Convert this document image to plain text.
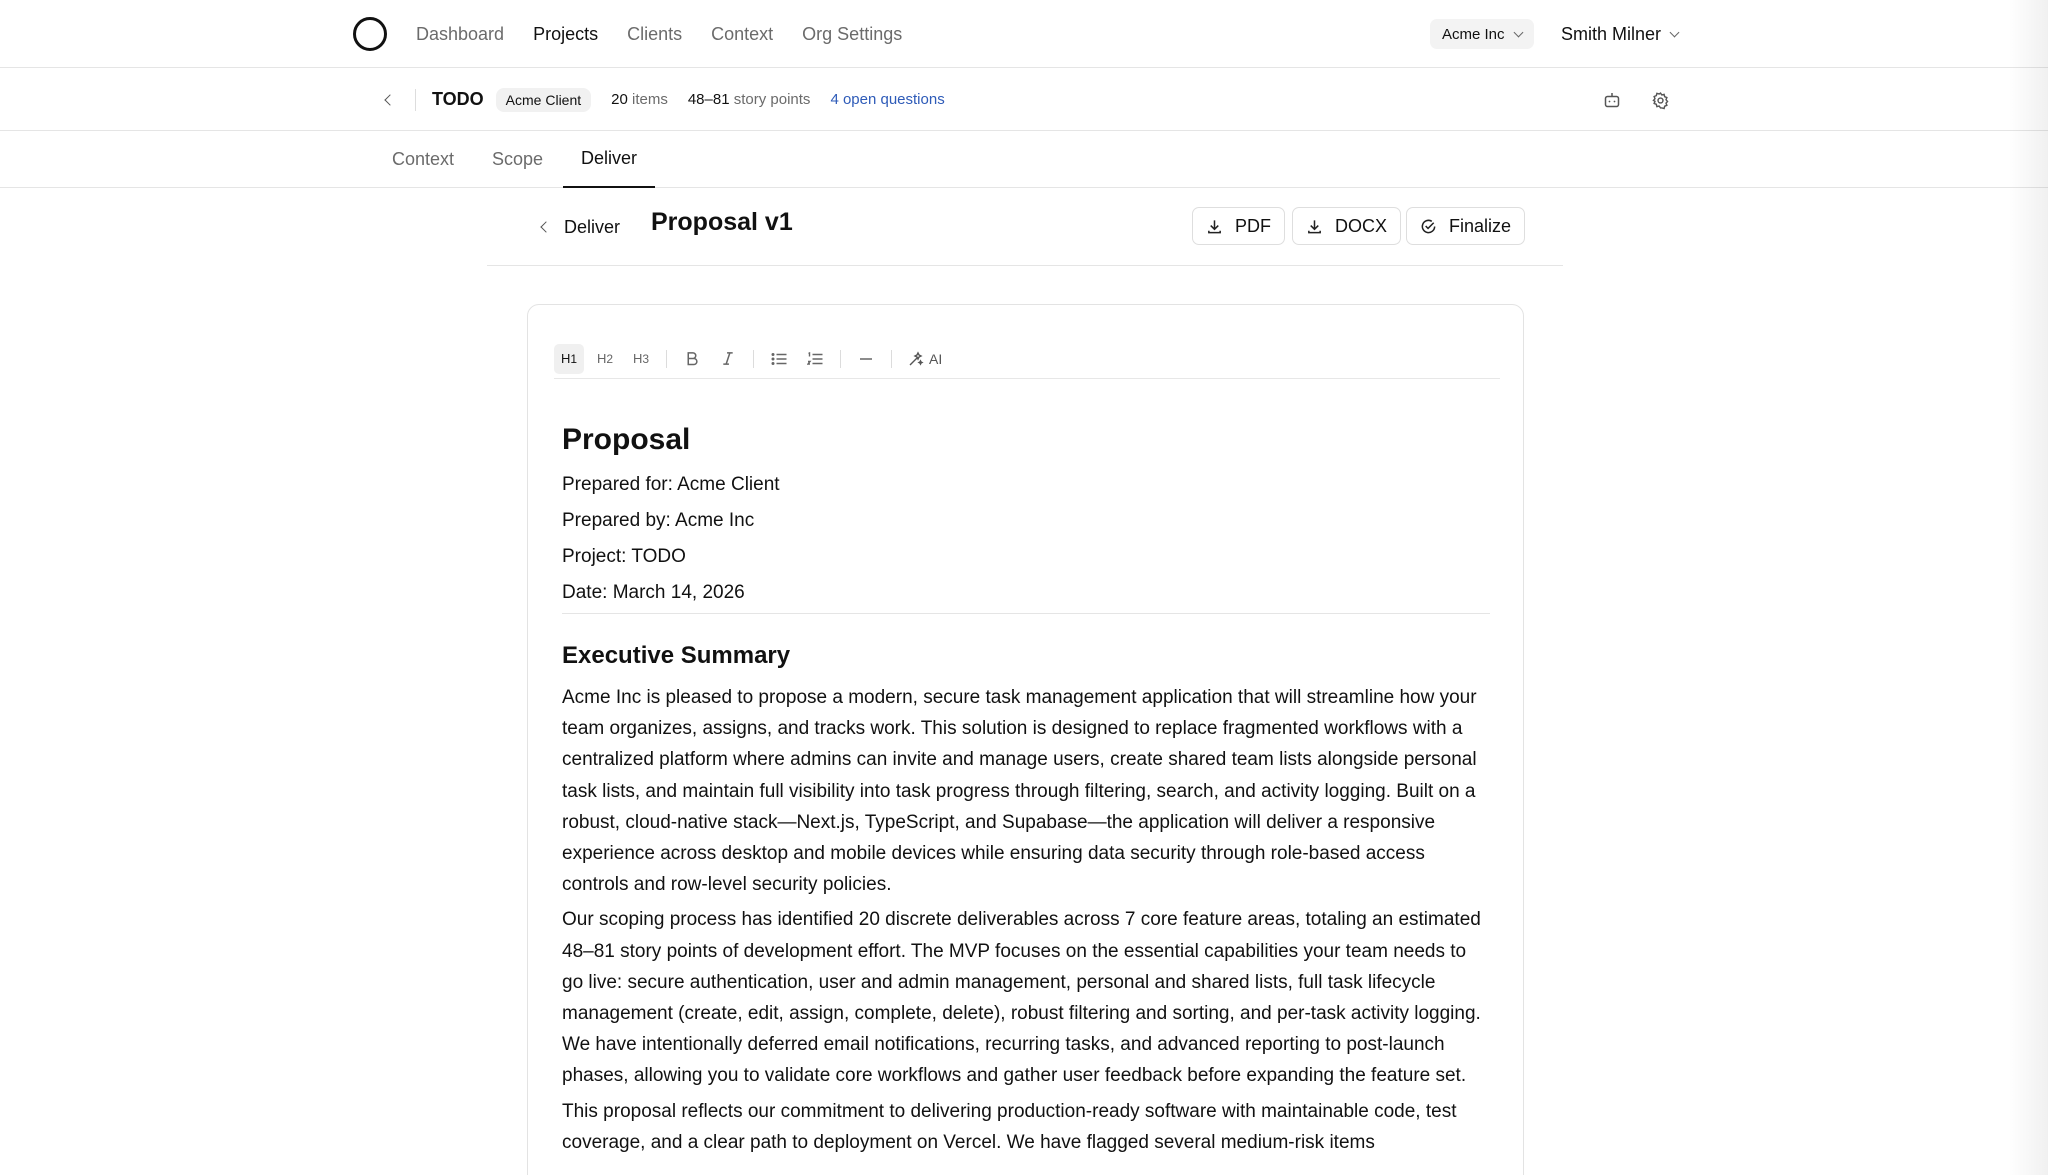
Dashboard Projects Clients Context Org Settings	Acme Inc	Smith Milner
TODO	Acme Client	20 items 48–81 story points 4 open questions
Context	Scope	Deliver
Deliver Proposal v1	PDF	DOCX	Finalize
H 1 H 2 H 3	AI
Proposal
Prepared for: Acme Client
Prepared by: Acme Inc
Project: TODO
Date: March 14, 2026
Executive Summary

Acme Inc is pleased to propose a modern, secure task management application that will streamline how your team organizes, assigns, and tracks work. This solution is designed to replace fragmented workflows with a centralized platform where admins can invite and manage users, create shared team lists alongside personal task lists, and maintain full visibility into task progress through filtering, search, and activity logging. Built on a robust, cloud-native stack—Next.js, TypeScript, and Supabase—the application will deliver a responsive experience across desktop and mobile devices while ensuring data security through role-based access controls and row-level security policies.

Our scoping process has identified 20 discrete deliverables across 7 core feature areas, totaling an estimated 48–81 story points of development effort. The MVP focuses on the essential capabilities your team needs to go live: secure authentication, user and admin management, personal and shared lists, full task lifecycle management (create, edit, assign, complete, delete), robust filtering and sorting, and per-task activity logging. We have intentionally deferred email notifications, recurring tasks, and advanced reporting to post-launch phases, allowing you to validate core workflows and gather user feedback before expanding the feature set.

This proposal reflects our commitment to delivering production-ready software with maintainable code, test coverage, and a clear path to deployment on Vercel. We have flagged several medium-risk items
